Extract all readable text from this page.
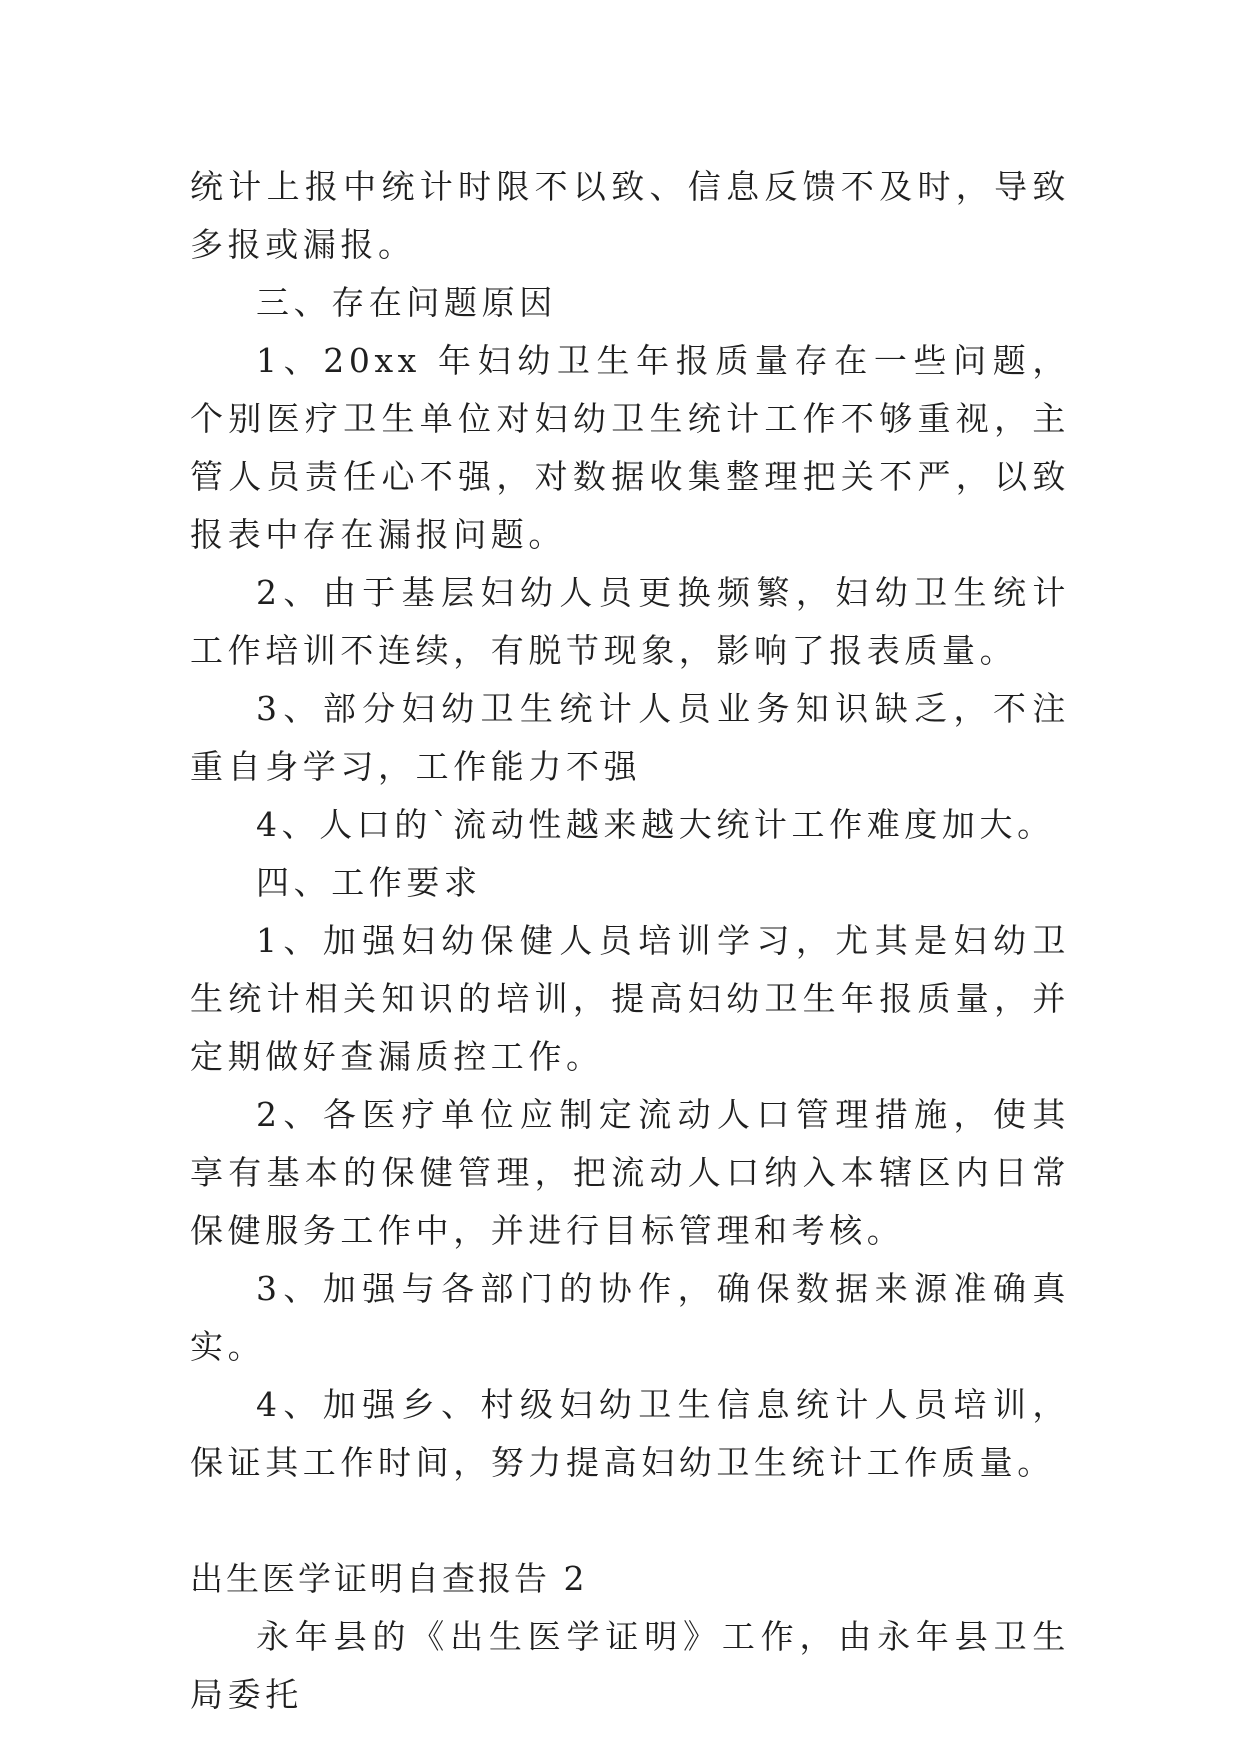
统计上报中统计时限不以致、信息反馈不及时，导致多报或漏报。

三、存在问题原因

1、20xx 年妇幼卫生年报质量存在一些问题，个别医疗卫生单位对妇幼卫生统计工作不够重视，主管人员责任心不强，对数据收集整理把关不严，以致报表中存在漏报问题。

2、由于基层妇幼人员更换频繁，妇幼卫生统计工作培训不连续，有脱节现象，影响了报表质量。

3、部分妇幼卫生统计人员业务知识缺乏，不注重自身学习，工作能力不强

4、人口的`流动性越来越大统计工作难度加大。

四、工作要求

1、加强妇幼保健人员培训学习，尤其是妇幼卫生统计相关知识的培训，提高妇幼卫生年报质量，并定期做好查漏质控工作。

2、各医疗单位应制定流动人口管理措施，使其享有基本的保健管理，把流动人口纳入本辖区内日常保健服务工作中，并进行目标管理和考核。

3、加强与各部门的协作，确保数据来源准确真实。

4、加强乡、村级妇幼卫生信息统计人员培训，保证其工作时间，努力提高妇幼卫生统计工作质量。

出生医学证明自查报告 2

永年县的《出生医学证明》工作，由永年县卫生局委托
